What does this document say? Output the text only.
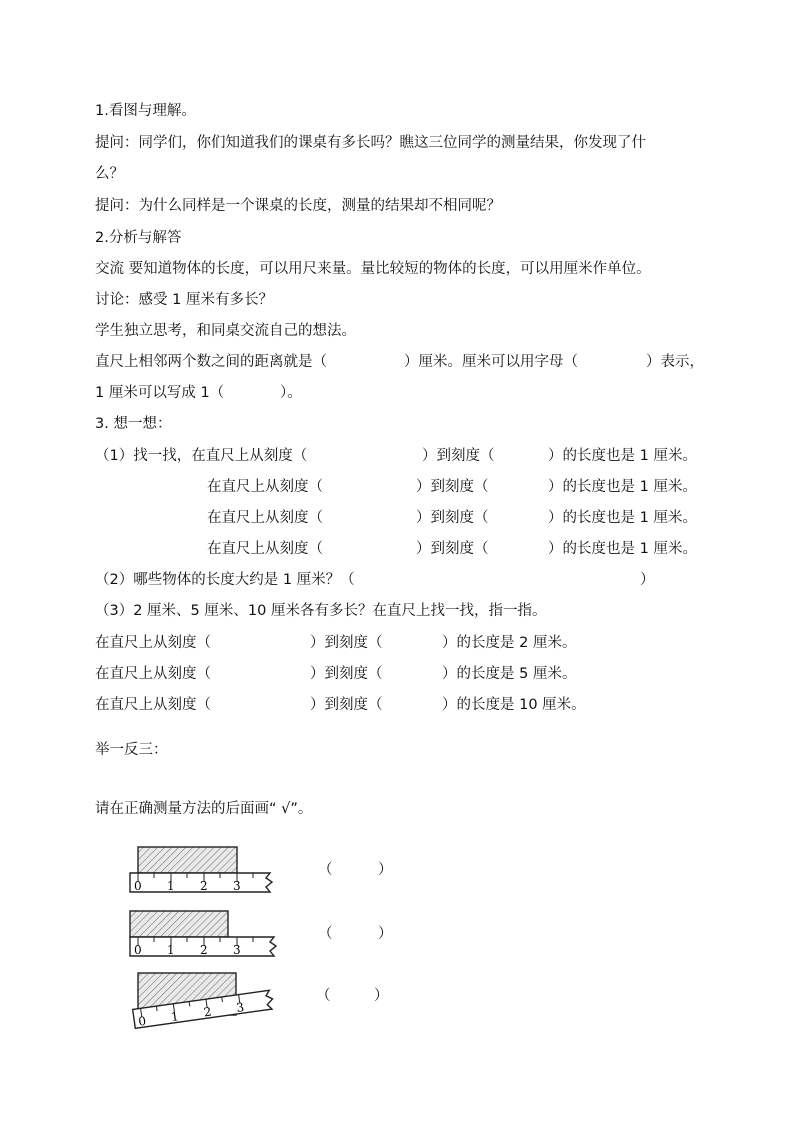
1.看图与理解。
提问：同学们，你们知道我们的课桌有多长吗？瞧这三位同学的测量结果，你发现了什
么？
提问：为什么同样是一个课桌的长度，测量的结果却不相同呢？
2.分析与解答
交流 要知道物体的长度，可以用尺来量。量比较短的物体的长度，可以用厘米作单位。
讨论：感受 1 厘米有多长？
学生独立思考，和同桌交流自己的想法。
直尺上相邻两个数之间的距离就是（	）厘米。厘米可以用字母（	）表示，
1 厘米可以写成 1（	）。
3. 想一想：
（1）找一找，在直尺上从刻度（	）到刻度（	）的长度也是 1 厘米。
在直尺上从刻度（	）到刻度（	）的长度也是 1 厘米。
在直尺上从刻度（	）到刻度（	）的长度也是 1 厘米。
在直尺上从刻度（	）到刻度（	）的长度也是 1 厘米。
（2）哪些物体的长度大约是 1 厘米？（	）
（3）2 厘米、5 厘米、10 厘米各有多长？在直尺上找一找，指一指。
在直尺上从刻度（	）到刻度（	）的长度是 2 厘米。
在直尺上从刻度（	）到刻度（	）的长度是 5 厘米。
在直尺上从刻度（	）到刻度（	）的长度是 10 厘米。
举一反三：
请在正确测量方法的后面画“ √”。
0 1 2 3
（	）
0 1 2 3
（	）
0 1 2 3
（	）
